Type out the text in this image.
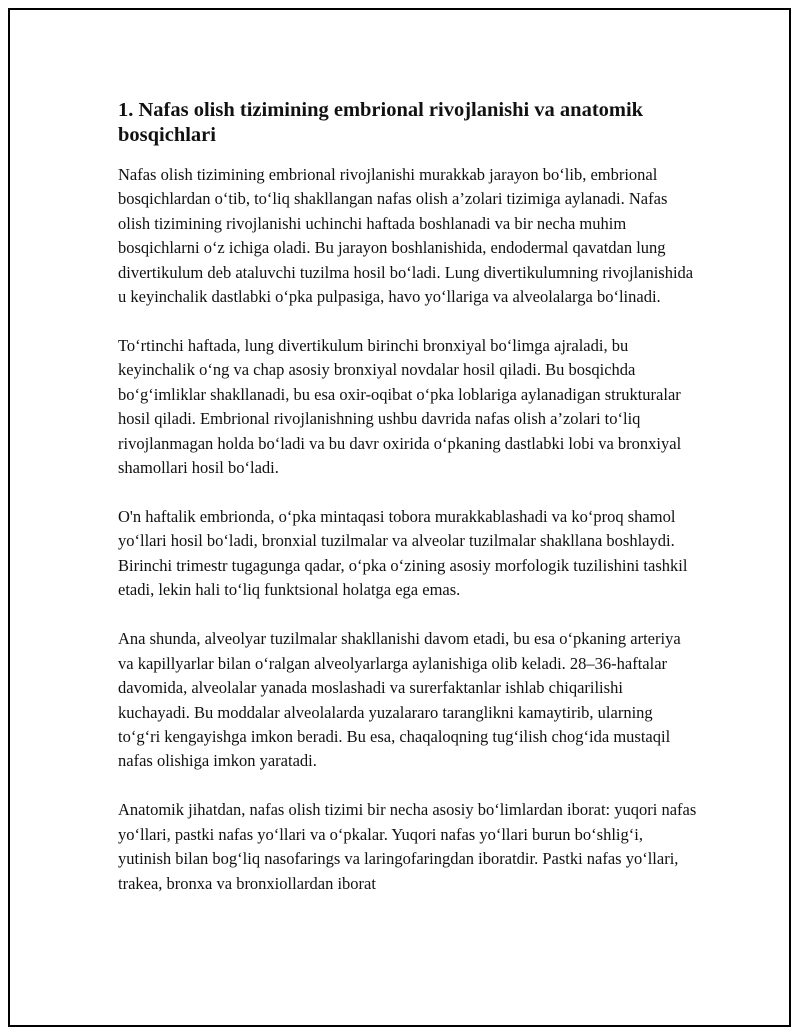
1. Nafas olish tizimining embrional rivojlanishi va anatomik bosqichlari

Nafas olish tizimining embrional rivojlanishi murakkab jarayon bo‘lib, embrional bosqichlardan o‘tib, to‘liq shakllangan nafas olish a’zolari tizimiga aylanadi. Nafas olish tizimining rivojlanishi uchinchi haftada boshlanadi va bir necha muhim bosqichlarni o‘z ichiga oladi. Bu jarayon boshlanishida, endodermal qavatdan lung divertikulum deb ataluvchi tuzilma hosil bo‘ladi. Lung divertikulumning rivojlanishida u keyinchalik dastlabki o‘pka pulpasiga, havo yo‘llariga va alveolalarga bo‘linadi.

To‘rtinchi haftada, lung divertikulum birinchi bronxiyal bo‘limga ajraladi, bu keyinchalik o‘ng va chap asosiy bronxiyal novdalar hosil qiladi. Bu bosqichda bo‘g‘imliklar shakllanadi, bu esa oxir-oqibat o‘pka loblariga aylanadigan strukturalar hosil qiladi. Embrional rivojlanishning ushbu davrida nafas olish a’zolari to‘liq rivojlanmagan holda bo‘ladi va bu davr oxirida o‘pkaning dastlabki lobi va bronxiyal shamollari hosil bo‘ladi.

O'n haftalik embrionda, o‘pka mintaqasi tobora murakkablashadi va ko‘proq shamol yo‘llari hosil bo‘ladi, bronxial tuzilmalar va alveolar tuzilmalar shakllana boshlaydi. Birinchi trimestr tugagunga qadar, o‘pka o‘zining asosiy morfologik tuzilishini tashkil etadi, lekin hali to‘liq funktsional holatga ega emas.

Ana shunda, alveolyar tuzilmalar shakllanishi davom etadi, bu esa o‘pkaning arteriya va kapillyarlar bilan o‘ralgan alveolyarlarga aylanishiga olib keladi. 28–36-haftalar davomida, alveolalar yanada moslashadi va surerfaktanlar ishlab chiqarilishi kuchayadi. Bu moddalar alveolalarda yuzalararo taranglikni kamaytirib, ularning to‘g‘ri kengayishga imkon beradi. Bu esa, chaqaloqning tug‘ilish chog‘ida mustaqil nafas olishiga imkon yaratadi.

Anatomik jihatdan, nafas olish tizimi bir necha asosiy bo‘limlardan iborat: yuqori nafas yo‘llari, pastki nafas yo‘llari va o‘pkalar. Yuqori nafas yo‘llari burun bo‘shlig‘i, yutinish bilan bog‘liq nasofarings va laringofaringdan iboratdir. Pastki nafas yo‘llari, trakea, bronxa va bronxiollardan iborat
